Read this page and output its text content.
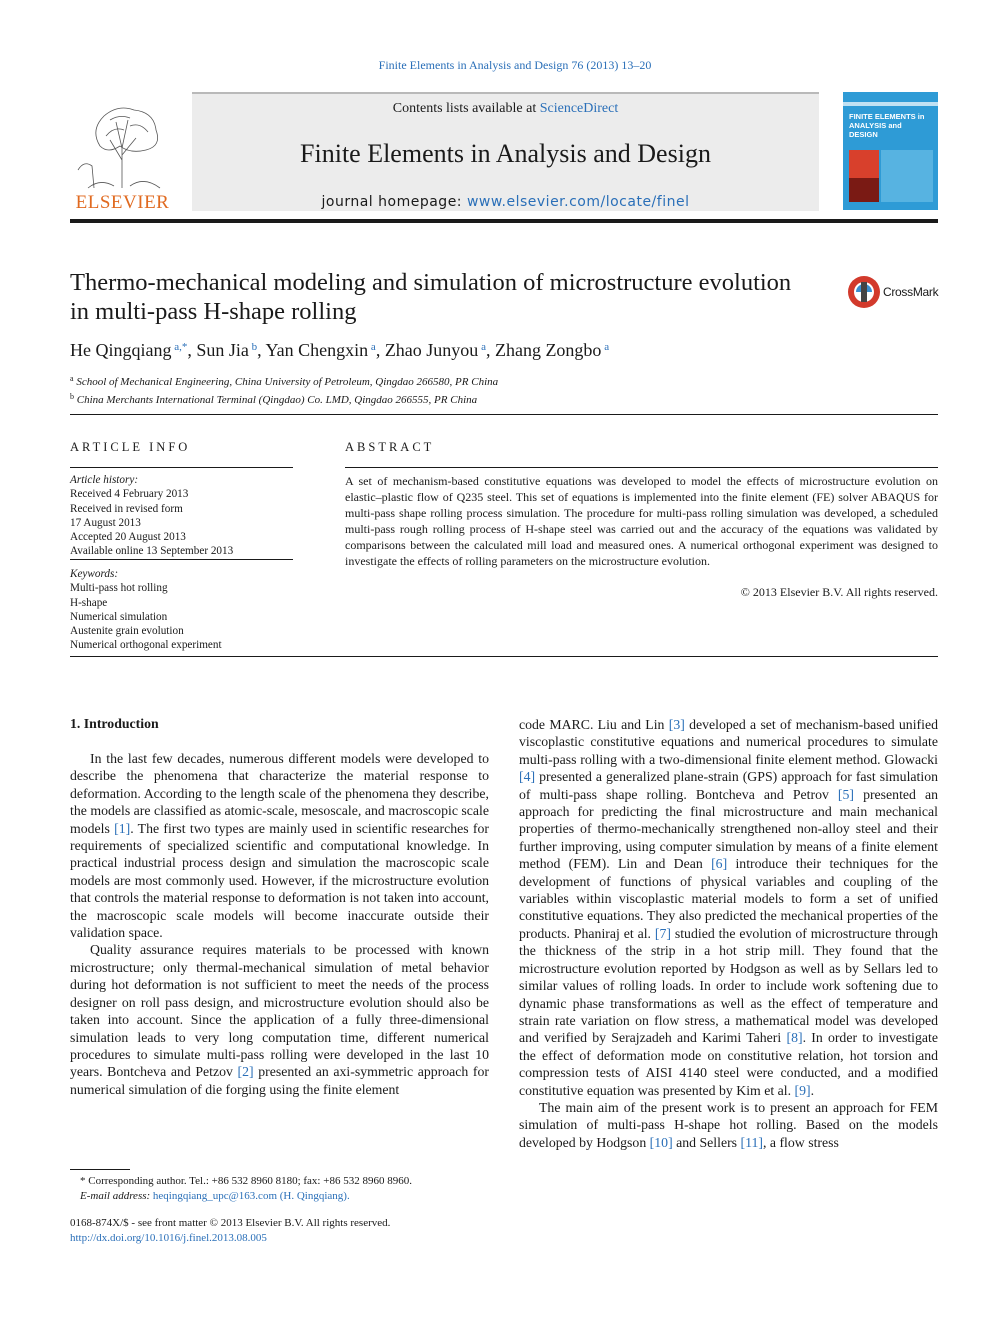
Finite Elements in Analysis and Design 76 (2013) 13–20
ELSEVIER
Contents lists available at ScienceDirect
Finite Elements in Analysis and Design
journal homepage: www.elsevier.com/locate/finel
FINITE ELEMENTS in ANALYSIS and DESIGN
Thermo-mechanical modeling and simulation of microstructure evolution in multi-pass H-shape rolling
CrossMark
He Qingqiang $^{a,*}$, Sun Jia $^b$, Yan Chengxin $^a$, Zhao Junyou $^a$, Zhang Zongbo $^a$
$^a$ School of Mechanical Engineering, China University of Petroleum, Qingdao 266580, PR China
$^b$ China Merchants International Terminal (Qingdao) Co. LMD, Qingdao 266555, PR China
ARTICLE INFO
Article history:
Received 4 February 2013
Received in revised form
17 August 2013
Accepted 20 August 2013
Available online 13 September 2013
Keywords:
Multi-pass hot rolling
H-shape
Numerical simulation
Austenite grain evolution
Numerical orthogonal experiment
ABSTRACT
A set of mechanism-based constitutive equations was developed to model the effects of microstructure evolution on elastic–plastic flow of Q235 steel. This set of equations is implemented into the finite element (FE) solver ABAQUS for multi-pass shape rolling process simulation. The procedure for multi-pass rolling simulation was developed, a scheduled multi-pass rough rolling process of H-shape steel was carried out and the accuracy of the equations was validated by comparisons between the calculated mill load and measured ones. A numerical orthogonal experiment was designed to investigate the effects of rolling parameters on the microstructure evolution.
© 2013 Elsevier B.V. All rights reserved.
1. Introduction
In the last few decades, numerous different models were developed to describe the phenomena that characterize the material response to deformation. According to the length scale of the phenomena they describe, the models are classified as atomic-scale, mesoscale, and macroscopic scale models [1]. The first two types are mainly used in scientific researches for requirements of specialized scientific and computational knowledge. In practical industrial process design and simulation the macroscopic scale models are most commonly used. However, if the microstructure evolution that controls the material response to deformation is not taken into account, the macroscopic scale models will become inaccurate outside their validation space.
Quality assurance requires materials to be processed with known microstructure; only thermal-mechanical simulation of metal behavior during hot deformation is not sufficient to meet the needs of the process designer on roll pass design, and microstructure evolution should also be taken into account. Since the application of a fully three-dimensional simulation leads to very long computation time, different numerical procedures to simulate multi-pass rolling were developed in the last 10 years. Bontcheva and Petzov [2] presented an axi-symmetric approach for numerical simulation of die forging using the finite element
code MARC. Liu and Lin [3] developed a set of mechanism-based unified viscoplastic constitutive equations and numerical procedures to simulate multi-pass rolling with a two-dimensional finite element method. Glowacki [4] presented a generalized plane-strain (GPS) approach for fast simulation of multi-pass shape rolling. Bontcheva and Petrov [5] presented an approach for predicting the final microstructure and main mechanical properties of thermo-mechanically strengthened non-alloy steel and their further improving, using computer simulation by means of a finite element method (FEM). Lin and Dean [6] introduce their techniques for the development of functions of physical variables and coupling of the variables within viscoplastic material models to form a set of unified constitutive equations. They also predicted the mechanical properties of the products. Phaniraj et al. [7] studied the evolution of microstructure through the thickness of the strip in a hot strip mill. They found that the microstructure evolution reported by Hodgson as well as by Sellars led to similar values of rolling loads. In order to include work softening due to dynamic phase transformations as well as the effect of temperature and strain rate variation on flow stress, a mathematical model was developed and verified by Serajzadeh and Karimi Taheri [8]. In order to investigate the effect of deformation mode on constitutive relation, hot torsion and compression tests of AISI 4140 steel were conducted, and a modified constitutive equation was presented by Kim et al. [9].
The main aim of the present work is to present an approach for FEM simulation of multi-pass H-shape hot rolling. Based on the models developed by Hodgson [10] and Sellers [11], a flow stress
* Corresponding author. Tel.: +86 532 8960 8180; fax: +86 532 8960 8960.
E-mail address: heqingqiang_upc@163.com (H. Qingqiang).
0168-874X/$ - see front matter © 2013 Elsevier B.V. All rights reserved.
http://dx.doi.org/10.1016/j.finel.2013.08.005
